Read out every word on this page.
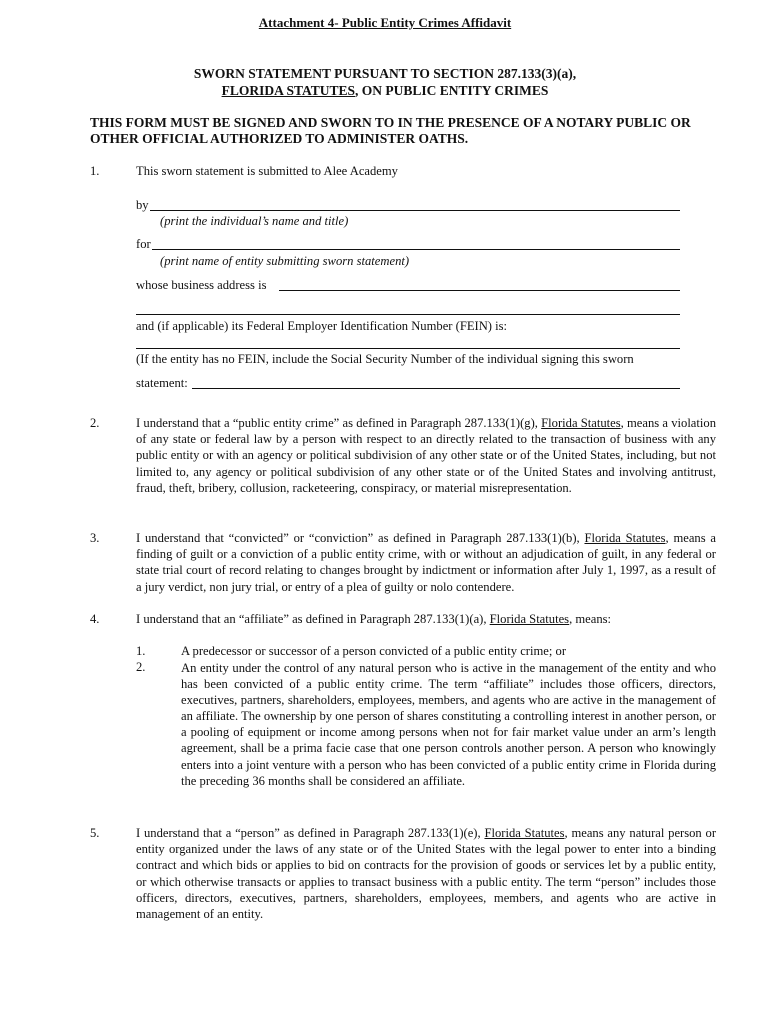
Attachment 4- Public Entity Crimes Affidavit
SWORN STATEMENT PURSUANT TO SECTION 287.133(3)(a),
FLORIDA STATUTES, ON PUBLIC ENTITY CRIMES
THIS FORM MUST BE SIGNED AND SWORN TO IN THE PRESENCE OF A NOTARY PUBLIC OR
OTHER OFFICIAL AUTHORIZED TO ADMINISTER OATHS.
1.	This sworn statement is submitted to Alee Academy
by
(print the individual’s name and title)
for
(print name of entity submitting sworn statement)
whose business address is
and (if applicable) its Federal Employer Identification Number (FEIN) is:
(If the entity has no FEIN, include the Social Security Number of the individual signing this sworn
statement:
2.	I understand that a “public entity crime” as defined in Paragraph 287.133(1)(g), Florida Statutes, means a violation of any state or federal law by a person with respect to an directly related to the transaction of business with any public entity or with an agency or political subdivision of any other state or of the United States, including, but not limited to, any agency or political subdivision of any other state or of the United States and involving antitrust, fraud, theft, bribery, collusion, racketeering, conspiracy, or material misrepresentation.
3.	I understand that “convicted” or “conviction” as defined in Paragraph 287.133(1)(b), Florida Statutes, means a finding of guilt or a conviction of a public entity crime, with or without an adjudication of guilt, in any federal or state trial court of record relating to changes brought by indictment or information after July 1, 1997, as a result of a jury verdict, non jury trial, or entry of a plea of guilty or nolo contendere.
4.	I understand that an “affiliate” as defined in Paragraph 287.133(1)(a), Florida Statutes, means:
1.	A predecessor or successor of a person convicted of a public entity crime; or
2.	An entity under the control of any natural person who is active in the management of the entity and who has been convicted of a public entity crime. The term “affiliate” includes those officers, directors, executives, partners, shareholders, employees, members, and agents who are active in the management of an affiliate. The ownership by one person of shares constituting a controlling interest in another person, or a pooling of equipment or income among persons when not for fair market value under an arm’s length agreement, shall be a prima facie case that one person controls another person. A person who knowingly enters into a joint venture with a person who has been convicted of a public entity crime in Florida during the preceding 36 months shall be considered an affiliate.
5.	I understand that a “person” as defined in Paragraph 287.133(1)(e), Florida Statutes, means any natural person or entity organized under the laws of any state or of the United States with the legal power to enter into a binding contract and which bids or applies to bid on contracts for the provision of goods or services let by a public entity, or which otherwise transacts or applies to transact business with a public entity. The term “person” includes those officers, directors, executives, partners, shareholders, employees, members, and agents who are active in management of an entity.
